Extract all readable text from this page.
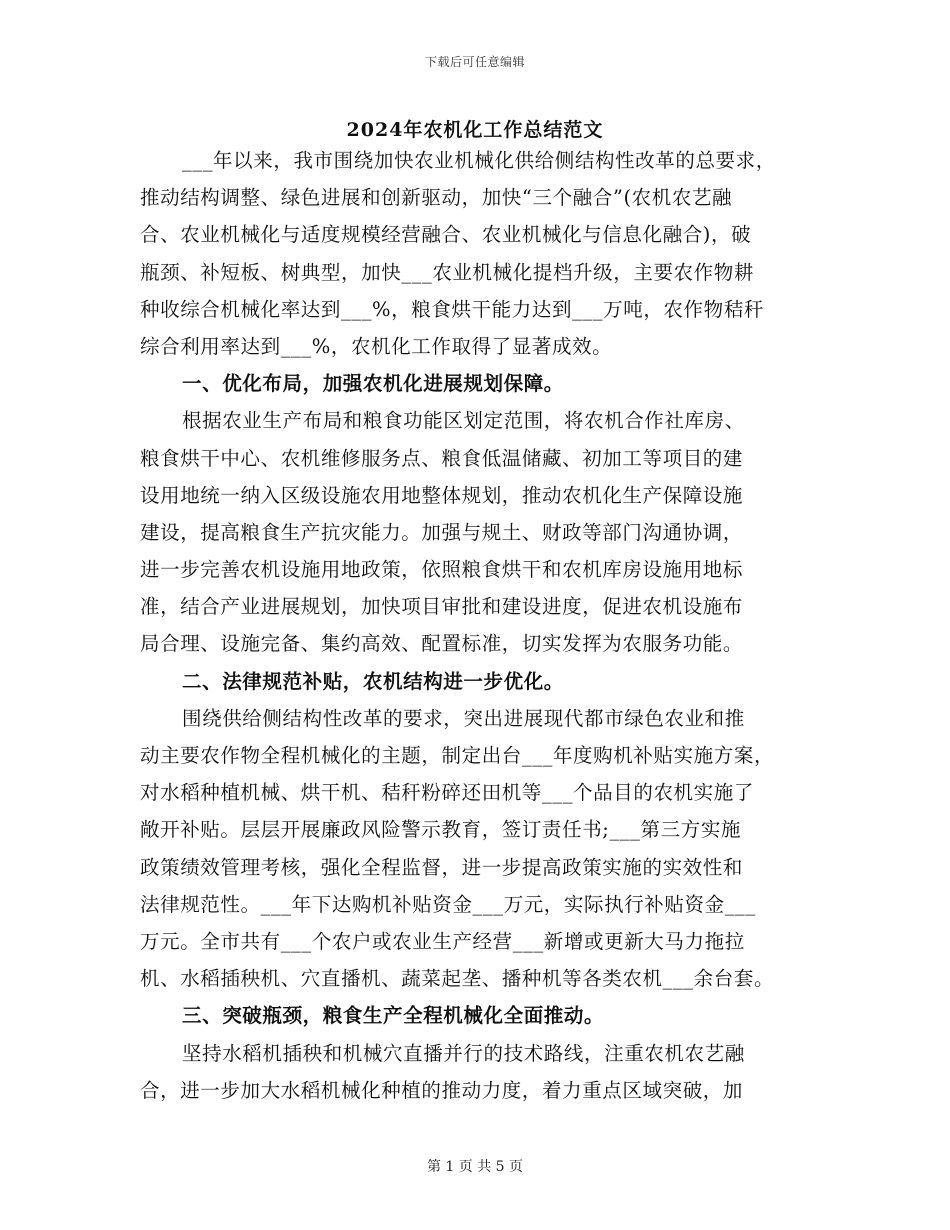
下载后可任意编辑
2024年农机化工作总结范文
___年以来，我市围绕加快农业机械化供给侧结构性改革的总要求，
推动结构调整、绿色进展和创新驱动，加快“三个融合”(农机农艺融
合、农业机械化与适度规模经营融合、农业机械化与信息化融合)，破
瓶颈、补短板、树典型，加快___农业机械化提档升级，主要农作物耕
种收综合机械化率达到___%，粮食烘干能力达到___万吨，农作物秸秆
综合利用率达到___%，农机化工作取得了显著成效。
一、优化布局，加强农机化进展规划保障。
根据农业生产布局和粮食功能区划定范围，将农机合作社库房、
粮食烘干中心、农机维修服务点、粮食低温储藏、初加工等项目的建
设用地统一纳入区级设施农用地整体规划，推动农机化生产保障设施
建设，提高粮食生产抗灾能力。加强与规土、财政等部门沟通协调，
进一步完善农机设施用地政策，依照粮食烘干和农机库房设施用地标
准，结合产业进展规划，加快项目审批和建设进度，促进农机设施布
局合理、设施完备、集约高效、配置标准，切实发挥为农服务功能。
二、法律规范补贴，农机结构进一步优化。
围绕供给侧结构性改革的要求，突出进展现代都市绿色农业和推
动主要农作物全程机械化的主题，制定出台___年度购机补贴实施方案，
对水稻种植机械、烘干机、秸秆粉碎还田机等___个品目的农机实施了
敞开补贴。层层开展廉政风险警示教育，签订责任书;___第三方实施
政策绩效管理考核，强化全程监督，进一步提高政策实施的实效性和
法律规范性。___年下达购机补贴资金___万元，实际执行补贴资金___
万元。全市共有___个农户或农业生产经营___新增或更新大马力拖拉
机、水稻插秧机、穴直播机、蔬菜起垄、播种机等各类农机___余台套。
三、突破瓶颈，粮食生产全程机械化全面推动。
坚持水稻机插秧和机械穴直播并行的技术路线，注重农机农艺融
合，进一步加大水稻机械化种植的推动力度，着力重点区域突破，加
第 1 页 共 5 页
